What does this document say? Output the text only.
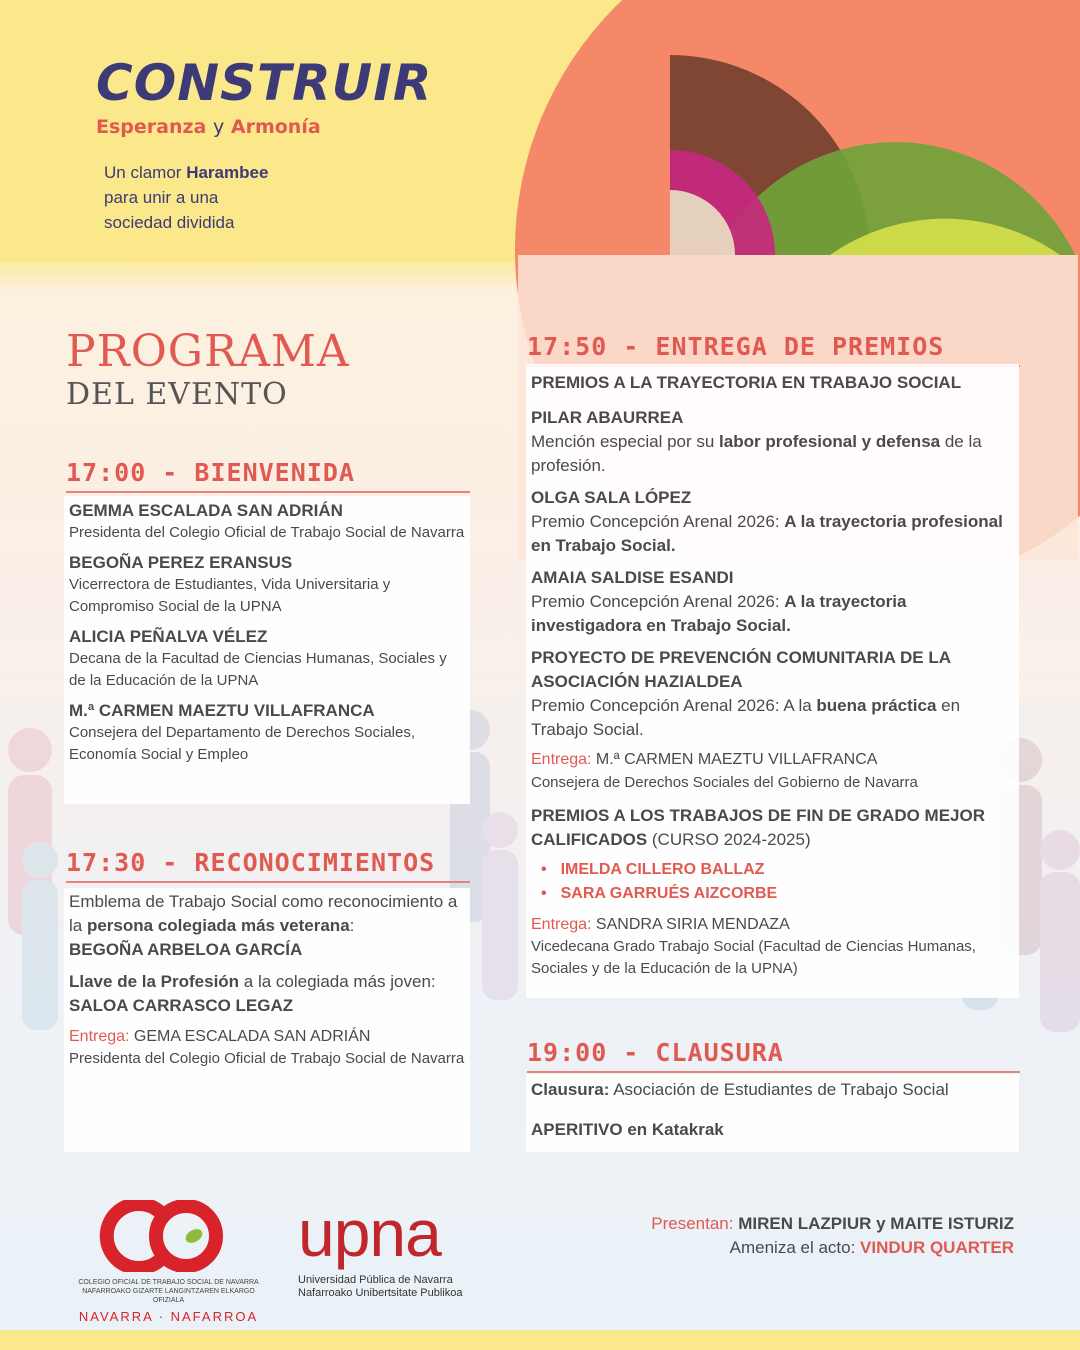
CONSTRUIR
Esperanza y Armonía
Un clamor Harambee
para unir a una
sociedad dividida
PROGRAMA
DEL EVENTO
17:00 - BIENVENIDA
GEMMA ESCALADA SAN ADRIÁN
Presidenta del Colegio Oficial de Trabajo Social de Navarra
BEGOÑA PEREZ ERANSUS
Vicerrectora de Estudiantes, Vida Universitaria y Compromiso Social de la UPNA
ALICIA PEÑALVA VÉLEZ
Decana de la Facultad de Ciencias Humanas, Sociales y de la Educación de la UPNA
M.ª CARMEN MAEZTU VILLAFRANCA
Consejera del Departamento de Derechos Sociales, Economía Social y Empleo
17:30 - RECONOCIMIENTOS
Emblema de Trabajo Social como reconocimiento a la persona colegiada más veterana:
BEGOÑA ARBELOA GARCÍA
Llave de la Profesión a la colegiada más joven:
SALOA CARRASCO LEGAZ
Entrega: GEMA ESCALADA SAN ADRIÁN
Presidenta del Colegio Oficial de Trabajo Social de Navarra
17:50 - ENTREGA DE PREMIOS
PREMIOS A LA TRAYECTORIA EN TRABAJO SOCIAL
PILAR ABAURREA
Mención especial por su labor profesional y defensa de la profesión.
OLGA SALA LÓPEZ
Premio Concepción Arenal 2026: A la trayectoria profesional en Trabajo Social.
AMAIA SALDISE ESANDI
Premio Concepción Arenal 2026: A la trayectoria investigadora en Trabajo Social.
PROYECTO DE PREVENCIÓN COMUNITARIA DE LA ASOCIACIÓN HAZIALDEA
Premio Concepción Arenal 2026: A la buena práctica en Trabajo Social.
Entrega: M.ª CARMEN MAEZTU VILLAFRANCA
Consejera de Derechos Sociales del Gobierno de Navarra
PREMIOS A LOS TRABAJOS DE FIN DE GRADO MEJOR CALIFICADOS (CURSO 2024-2025)
• IMELDA CILLERO BALLAZ
• SARA GARRUÉS AIZCORBE
Entrega: SANDRA SIRIA MENDAZA
Vicedecana Grado Trabajo Social (Facultad de Ciencias Humanas, Sociales y de la Educación de la UPNA)
19:00 - CLAUSURA
Clausura: Asociación de Estudiantes de Trabajo Social
APERITIVO en Katakrak
COLEGIO OFICIAL DE TRABAJO SOCIAL DE NAVARRA
NAFARROAKO GIZARTE LANGINTZAREN ELKARGO OFIZIALA
NAVARRA · NAFARROA
upna
Universidad Pública de Navarra
Nafarroako Unibertsitate Publikoa
Presentan: MIREN LAZPIUR y MAITE ISTURIZ
Ameniza el acto: VINDUR QUARTER
